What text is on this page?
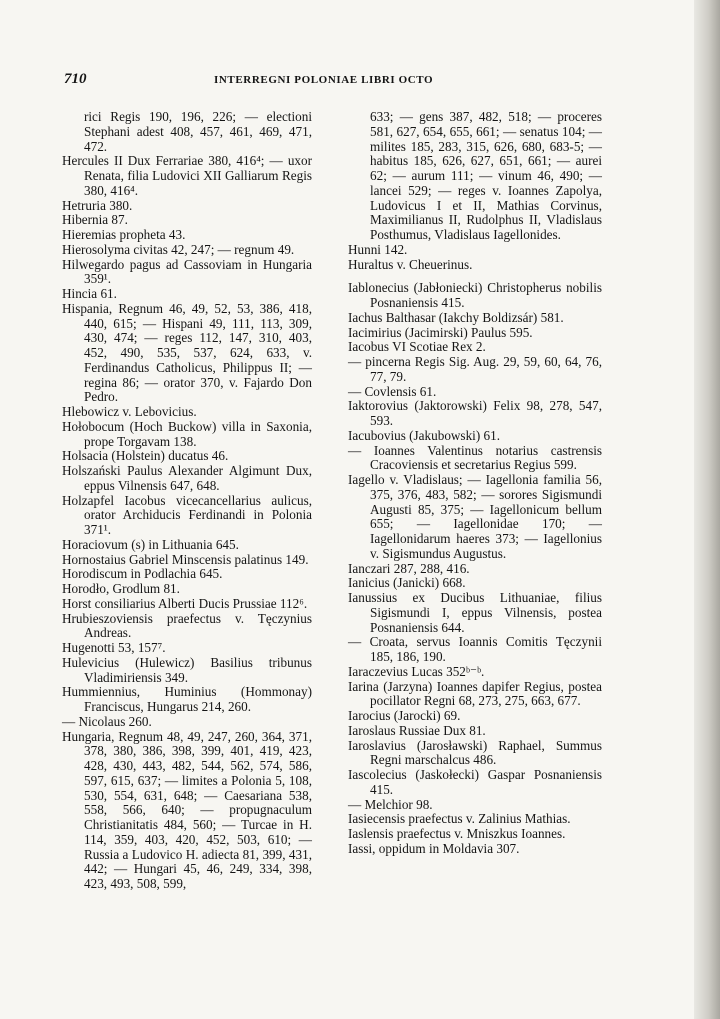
710	INTERREGNI POLONIAE LIBRI OCTO

rici Regis 190, 196, 226; — electioni Stephani adest 408, 457, 461, 469, 471, 472.

Hercules II Dux Ferrariae 380, 416⁴; — uxor Renata, filia Ludovici XII Galliarum Regis 380, 416⁴.

Hetruria 380.

Hibernia 87.

Hieremias propheta 43.

Hierosolyma civitas 42, 247; — regnum 49.

Hilwegardo pagus ad Cassoviam in Hungaria 359¹.

Hincia 61.

Hispania, Regnum 46, 49, 52, 53, 386, 418, 440, 615; — Hispani 49, 111, 113, 309, 430, 474; — reges 112, 147, 310, 403, 452, 490, 535, 537, 624, 633, v. Ferdinandus Catholicus, Philippus II; — regina 86; — orator 370, v. Fajardo Don Pedro.

Hlebowicz v. Lebovicius.

Hołobocum (Hoch Buckow) villa in Saxonia, prope Torgavam 138.

Holsacia (Holstein) ducatus 46.

Holszański Paulus Alexander Algimunt Dux, eppus Vilnensis 647, 648.

Holzapfel Iacobus vicecancellarius aulicus, orator Archiducis Ferdinandi in Polonia 371¹.

Horaciovum (s) in Lithuania 645.

Hornostaius Gabriel Minscensis palatinus 149.

Horodiscum in Podlachia 645.

Horodło, Grodlum 81.

Horst consiliarius Alberti Ducis Prussiae 112⁶.

Hrubieszoviensis praefectus v. Tęczynius Andreas.

Hugenotti 53, 157⁷.

Hulevicius (Hulewicz) Basilius tribunus Vladimiriensis 349.

Hummiennius, Huminius (Hommonay) Franciscus, Hungarus 214, 260.

— Nicolaus 260.

Hungaria, Regnum 48, 49, 247, 260, 364, 371, 378, 380, 386, 398, 399, 401, 419, 423, 428, 430, 443, 482, 544, 562, 574, 586, 597, 615, 637; — limites a Polonia 5, 108, 530, 554, 631, 648; — Caesariana 538, 558, 566, 640; — propugnaculum Christianitatis 484, 560; — Turcae in H. 114, 359, 403, 420, 452, 503, 610; — Russia a Ludovico H. adiecta 81, 399, 431, 442; — Hungari 45, 46, 249, 334, 398, 423, 493, 508, 599,

633; — gens 387, 482, 518; — proceres 581, 627, 654, 655, 661; — senatus 104; — milites 185, 283, 315, 626, 680, 683-5; — habitus 185, 626, 627, 651, 661; — aurei 62; — aurum 111; — vinum 46, 490; — lancei 529; — reges v. Ioannes Zapolya, Ludovicus I et II, Mathias Corvinus, Maximilianus II, Rudolphus II, Vladislaus Posthumus, Vladislaus Iagellonides.

Hunni 142.

Huraltus v. Cheuerinus.

Iablonecius (Jabłoniecki) Christopherus nobilis Posnaniensis 415.

Iachus Balthasar (Iakchy Boldizsár) 581.

Iacimirius (Jacimirski) Paulus 595.

Iacobus VI Scotiae Rex 2.

— pincerna Regis Sig. Aug. 29, 59, 60, 64, 76, 77, 79.

— Covlensis 61.

Iaktorovius (Jaktorowski) Felix 98, 278, 547, 593.

Iacubovius (Jakubowski) 61.

— Ioannes Valentinus notarius castrensis Cracoviensis et secretarius Regius 599.

Iagello v. Vladislaus; — Iagellonia familia 56, 375, 376, 483, 582; — sorores Sigismundi Augusti 85, 375; — Iagellonicum bellum 655; — Iagellonidae 170; — Iagellonidarum haeres 373; — Iagellonius v. Sigismundus Augustus.

Ianczari 287, 288, 416.

Ianicius (Janicki) 668.

Ianussius ex Ducibus Lithuaniae, filius Sigismundi I, eppus Vilnensis, postea Posnaniensis 644.

— Croata, servus Ioannis Comitis Tęczynii 185, 186, 190.

Iaraczevius Lucas 352ᵇ⁻ᵇ.

Iarina (Jarzyna) Ioannes dapifer Regius, postea pocillator Regni 68, 273, 275, 663, 677.

Iarocius (Jarocki) 69.

Iaroslaus Russiae Dux 81.

Iaroslavius (Jarosławski) Raphael, Summus Regni marschalcus 486.

Iascolecius (Jaskołecki) Gaspar Posnaniensis 415.

— Melchior 98.

Iasiecensis praefectus v. Zalinius Mathias.

Iaslensis praefectus v. Mniszkus Ioannes.

Iassi, oppidum in Moldavia 307.
